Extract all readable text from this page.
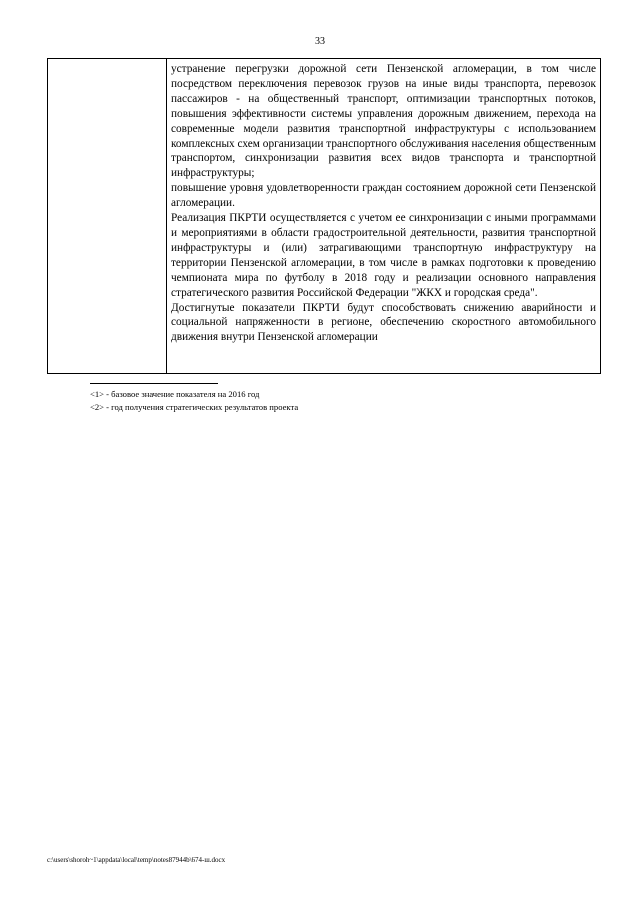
33

устранение перегрузки дорожной сети Пензенской агломерации, в том числе посредством переключения перевозок грузов на иные виды транспорта, перевозок пассажиров - на общественный транспорт, оптимизации транспортных потоков, повышения эффективности системы управления дорожным движением, перехода на современные модели развития транспортной инфраструктуры с использованием комплексных схем организации транспортного обслуживания населения общественным транспортом, синхронизации развития всех видов транспорта и транспортной инфраструктуры;

повышение уровня удовлетворенности граждан состоянием дорожной сети Пензенской агломерации.

Реализация ПКРТИ осуществляется с учетом ее синхронизации с иными программами и мероприятиями в области градостроительной деятельности, развития транспортной инфраструктуры и (или) затрагивающими транспортную инфраструктуру на территории Пензенской агломерации, в том числе в рамках подготовки к проведению чемпионата мира по футболу в 2018 году и реализации основного направления стратегического развития Российской Федерации "ЖКХ и городская среда".

Достигнутые показатели ПКРТИ будут способствовать снижению аварийности и социальной напряженности в регионе, обеспечению скоростного автомобильного движения внутри Пензенской агломерации

<1> - базовое значение показателя на 2016 год
<2> - год получения стратегических результатов проекта
c:\users\shoroh~1\appdata\local\temp\notes87944b\674-ш.docx
